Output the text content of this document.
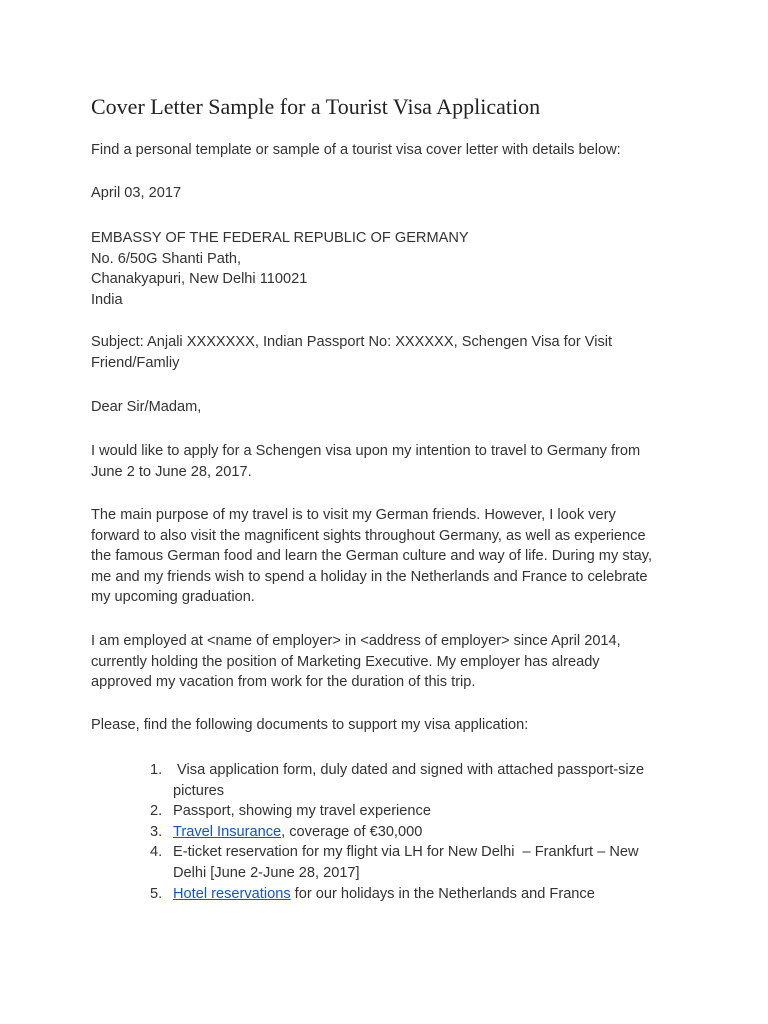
Cover Letter Sample for a Tourist Visa Application

Find a personal template or sample of a tourist visa cover letter with details below:

April 03, 2017

EMBASSY OF THE FEDERAL REPUBLIC OF GERMANY
No. 6/50G Shanti Path,
Chanakyapuri, New Delhi 110021
India

Subject: Anjali XXXXXXX, Indian Passport No: XXXXXX, Schengen Visa for Visit
Friend/Famliy

Dear Sir/Madam,

I would like to apply for a Schengen visa upon my intention to travel to Germany from
June 2 to June 28, 2017.

The main purpose of my travel is to visit my German friends. However, I look very
forward to also visit the magnificent sights throughout Germany, as well as experience
the famous German food and learn the German culture and way of life. During my stay,
me and my friends wish to spend a holiday in the Netherlands and France to celebrate
my upcoming graduation.

I am employed at <name of employer> in <address of employer> since April 2014,
currently holding the position of Marketing Executive. My employer has already
approved my vacation from work for the duration of this trip.

Please, find the following documents to support my visa application:

1. Visa application form, duly dated and signed with attached passport-size
pictures
2. Passport, showing my travel experience
3. Travel Insurance, coverage of €30,000
4. E-ticket reservation for my flight via LH for New Delhi  – Frankfurt – New
Delhi [June 2-June 28, 2017]
5. Hotel reservations for our holidays in the Netherlands and France
